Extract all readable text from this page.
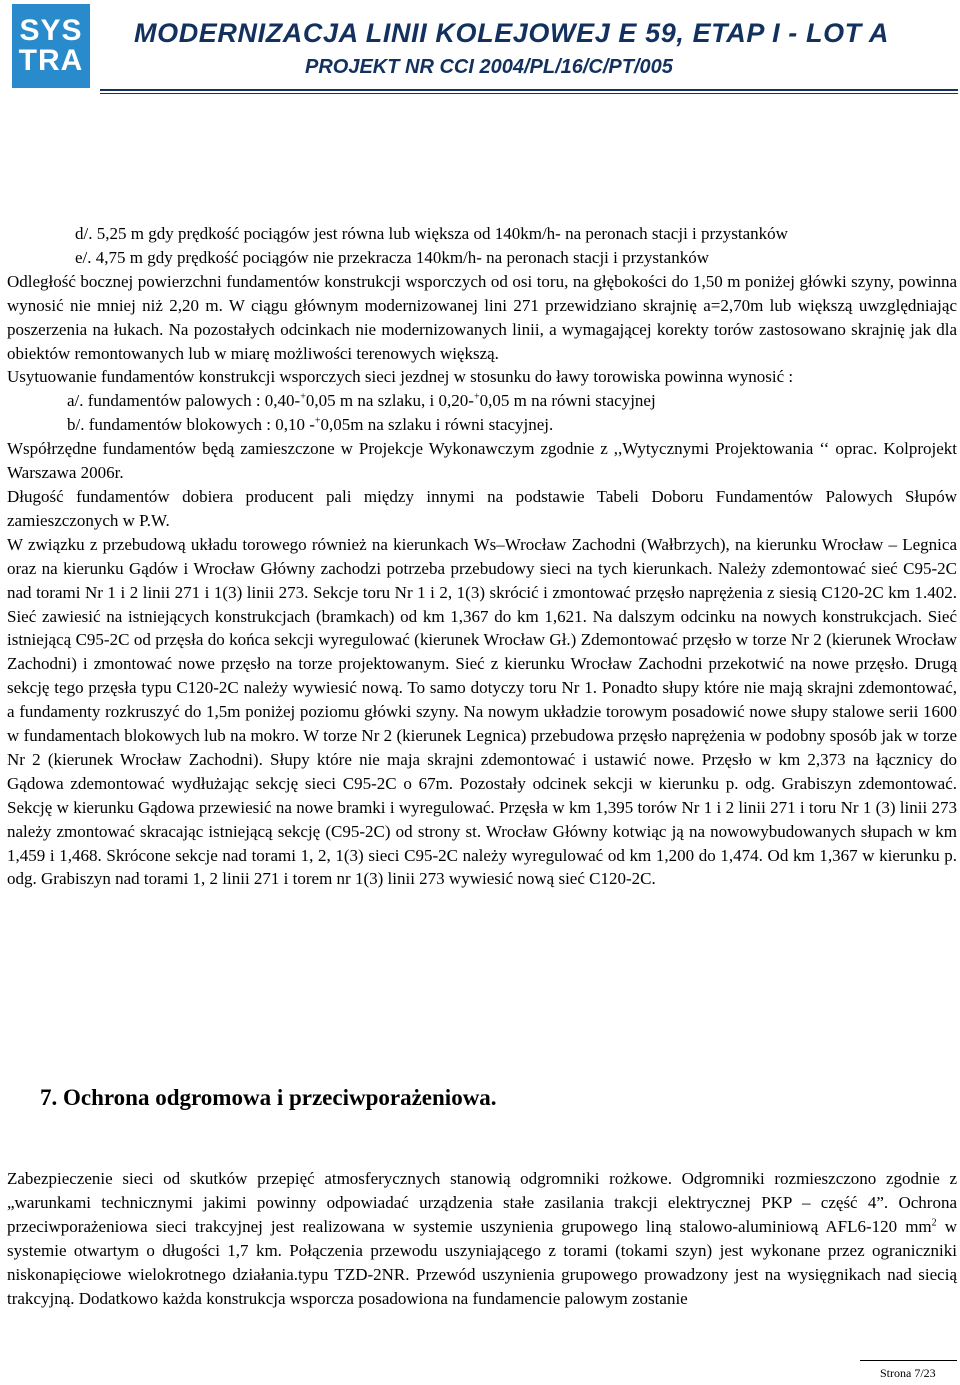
SYS
TRA
MODERNIZACJA LINII KOLEJOWEJ E 59, ETAP I - LOT A
PROJEKT NR CCI 2004/PL/16/C/PT/005

d/. 5,25 m gdy prędkość pociągów jest równa lub większa od 140km/h- na peronach stacji i przystanków

e/. 4,75 m gdy prędkość pociągów nie przekracza 140km/h- na peronach stacji i przystanków

Odległość bocznej powierzchni fundamentów konstrukcji wsporczych od osi toru, na głębokości do 1,50 m poniżej główki szyny, powinna wynosić nie mniej niż 2,20 m. W ciągu głównym modernizowanej lini 271 przewidziano skrajnię a=2,70m lub większą uwzględniając poszerzenia na łukach. Na pozostałych odcinkach nie modernizowanych linii, a wymagającej korekty torów zastosowano skrajnię jak dla obiektów remontowanych lub w miarę możliwości terenowych większą.

Usytuowanie fundamentów konstrukcji wsporczych sieci jezdnej w stosunku do ławy torowiska powinna wynosić :

a/. fundamentów palowych : 0,40-+0,05 m na szlaku, i 0,20-+0,05 m na równi stacyjnej

b/. fundamentów blokowych : 0,10 -+0,05m na szlaku i równi stacyjnej.

Współrzędne fundamentów będą zamieszczone w Projekcje Wykonawczym zgodnie z ,,Wytycznymi Projektowania ‘‘ oprac. Kolprojekt Warszawa 2006r.

Długość fundamentów dobiera producent pali między innymi na podstawie Tabeli Doboru Fundamentów Palowych Słupów zamieszczonych w P.W.

W związku z przebudową układu torowego również na kierunkach Ws–Wrocław Zachodni (Wałbrzych), na kierunku Wrocław – Legnica oraz na kierunku Gądów i Wrocław Główny zachodzi potrzeba przebudowy sieci na tych kierunkach. Należy zdemontować sieć C95-2C nad torami Nr 1 i 2 linii 271 i 1(3) linii 273. Sekcje toru Nr 1 i 2, 1(3) skrócić i zmontować przęsło naprężenia z siesią C120-2C km 1.402. Sieć zawiesić na istniejących konstrukcjach (bramkach) od km 1,367 do km 1,621. Na dalszym odcinku na nowych konstrukcjach. Sieć istniejącą C95-2C od przęsła do końca sekcji wyregulować (kierunek Wrocław Gł.) Zdemontować przęsło w torze Nr 2 (kierunek Wrocław Zachodni) i zmontować nowe przęsło na torze projektowanym. Sieć z kierunku Wrocław Zachodni przekotwić na nowe przęsło. Drugą sekcję tego przęsła typu C120-2C należy wywiesić nową. To samo dotyczy toru Nr 1. Ponadto słupy które nie mają skrajni zdemontować, a fundamenty rozkruszyć do 1,5m poniżej poziomu główki szyny. Na nowym układzie torowym posadowić nowe słupy stalowe serii 1600 w fundamentach blokowych lub na mokro. W torze Nr 2 (kierunek Legnica) przebudowa przęsło naprężenia w podobny sposób jak w torze Nr 2 (kierunek Wrocław Zachodni). Słupy które nie maja skrajni zdemontować i ustawić nowe. Przęsło w km 2,373 na łącznicy do Gądowa zdemontować wydłużając sekcję sieci C95-2C o 67m. Pozostały odcinek sekcji w kierunku p. odg. Grabiszyn zdemontować. Sekcję w kierunku Gądowa przewiesić na nowe bramki i wyregulować. Przęsła w km 1,395 torów Nr 1 i 2 linii 271 i toru Nr 1 (3) linii 273 należy zmontować skracając istniejącą sekcję (C95-2C) od strony st. Wrocław Główny kotwiąc ją na nowowybudowanych słupach w km 1,459 i 1,468. Skrócone sekcje nad torami 1, 2, 1(3) sieci C95-2C należy wyregulować od km 1,200 do 1,474. Od km 1,367 w kierunku p. odg. Grabiszyn nad torami 1, 2 linii 271 i torem nr 1(3) linii 273 wywiesić nową sieć C120-2C.

7. Ochrona odgromowa i przeciwporażeniowa.

Zabezpieczenie sieci od skutków przepięć atmosferycznych stanowią odgromniki rożkowe. Odgromniki rozmieszczono zgodnie z „warunkami technicznymi jakimi powinny odpowiadać urządzenia stałe zasilania trakcji elektrycznej PKP – część 4”. Ochrona przeciwporażeniowa sieci trakcyjnej jest realizowana w systemie uszynienia grupowego liną stalowo-aluminiową AFL6-120 $mm^2$ w systemie otwartym o długości 1,7 km. Połączenia przewodu uszyniającego z torami (tokami szyn) jest wykonane przez ograniczniki niskonapięciowe wielokrotnego działania.typu TZD-2NR. Przewód uszynienia grupowego prowadzony jest na wysięgnikach nad siecią trakcyjną. Dodatkowo każda konstrukcja wsporcza posadowiona na fundamencie palowym zostanie

Strona 7/23
